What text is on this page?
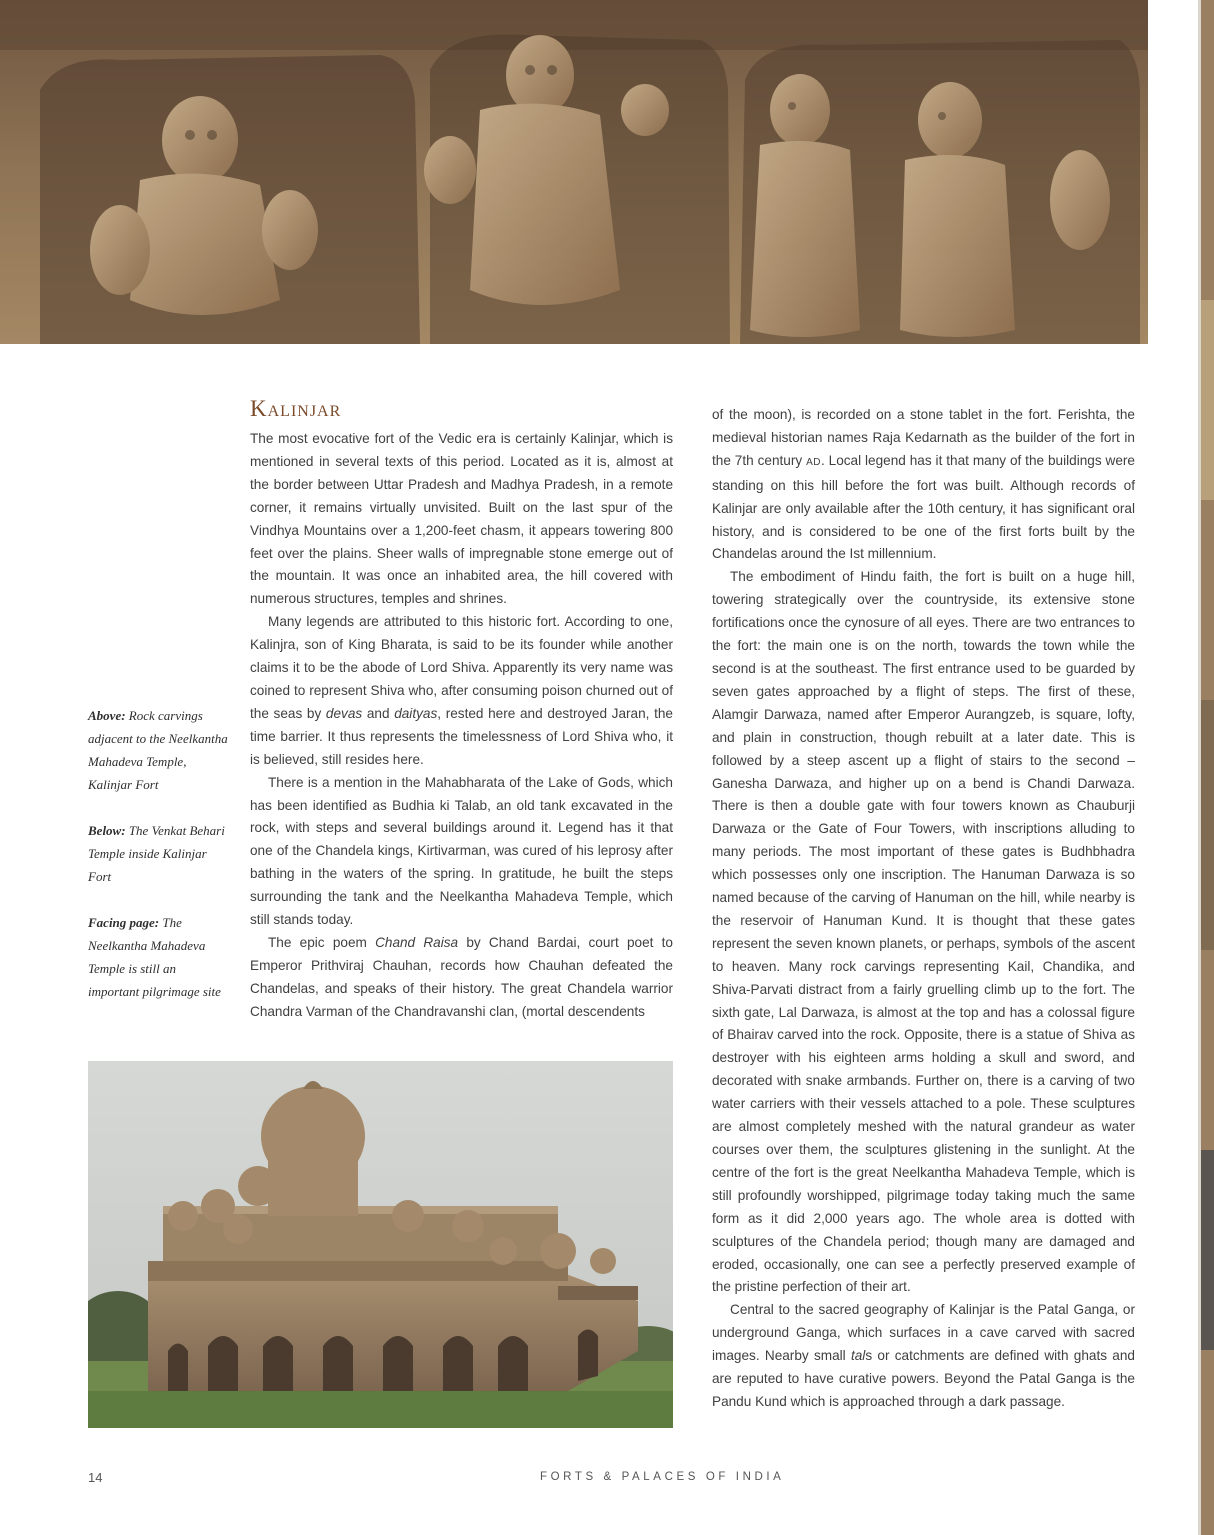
Kalinjar

The most evocative fort of the Vedic era is certainly Kalinjar, which is mentioned in several texts of this period. Located as it is, almost at the border between Uttar Pradesh and Madhya Pradesh, in a remote corner, it remains virtually unvisited. Built on the last spur of the Vindhya Mountains over a 1,200-feet chasm, it appears towering 800 feet over the plains. Sheer walls of impregnable stone emerge out of the mountain. It was once an inhabited area, the hill covered with numerous structures, temples and shrines.

Many legends are attributed to this historic fort. According to one, Kalinjra, son of King Bharata, is said to be its founder while another claims it to be the abode of Lord Shiva. Apparently its very name was coined to represent Shiva who, after consuming poison churned out of the seas by devas and daityas, rested here and destroyed Jaran, the time barrier. It thus represents the timelessness of Lord Shiva who, it is believed, still resides here.

There is a mention in the Mahabharata of the Lake of Gods, which has been identified as Budhia ki Talab, an old tank excavated in the rock, with steps and several buildings around it. Legend has it that one of the Chandela kings, Kirtivarman, was cured of his leprosy after bathing in the waters of the spring. In gratitude, he built the steps surrounding the tank and the Neelkantha Mahadeva Temple, which still stands today.

The epic poem Chand Raisa by Chand Bardai, court poet to Emperor Prithviraj Chauhan, records how Chauhan defeated the Chandelas, and speaks of their history. The great Chandela warrior Chandra Varman of the Chandravanshi clan, (mortal descendents

of the moon), is recorded on a stone tablet in the fort. Ferishta, the medieval historian names Raja Kedarnath as the builder of the fort in the 7th century AD. Local legend has it that many of the buildings were standing on this hill before the fort was built. Although records of Kalinjar are only available after the 10th century, it has significant oral history, and is considered to be one of the first forts built by the Chandelas around the Ist millennium.

The embodiment of Hindu faith, the fort is built on a huge hill, towering strategically over the countryside, its extensive stone fortifications once the cynosure of all eyes. There are two entrances to the fort: the main one is on the north, towards the town while the second is at the southeast. The first entrance used to be guarded by seven gates approached by a flight of steps. The first of these, Alamgir Darwaza, named after Emperor Aurangzeb, is square, lofty, and plain in construction, though rebuilt at a later date. This is followed by a steep ascent up a flight of stairs to the second – Ganesha Darwaza, and higher up on a bend is Chandi Darwaza. There is then a double gate with four towers known as Chauburji Darwaza or the Gate of Four Towers, with inscriptions alluding to many periods. The most important of these gates is Budhbhadra which possesses only one inscription. The Hanuman Darwaza is so named because of the carving of Hanuman on the hill, while nearby is the reservoir of Hanuman Kund. It is thought that these gates represent the seven known planets, or perhaps, symbols of the ascent to heaven. Many rock carvings representing Kail, Chandika, and Shiva-Parvati distract from a fairly gruelling climb up to the fort. The sixth gate, Lal Darwaza, is almost at the top and has a colossal figure of Bhairav carved into the rock. Opposite, there is a statue of Shiva as destroyer with his eighteen arms holding a skull and sword, and decorated with snake armbands. Further on, there is a carving of two water carriers with their vessels attached to a pole. These sculptures are almost completely meshed with the natural grandeur as water courses over them, the sculptures glistening in the sunlight. At the centre of the fort is the great Neelkantha Mahadeva Temple, which is still profoundly worshipped, pilgrimage today taking much the same form as it did 2,000 years ago. The whole area is dotted with sculptures of the Chandela period; though many are damaged and eroded, occasionally, one can see a perfectly preserved example of the pristine perfection of their art.

Central to the sacred geography of Kalinjar is the Patal Ganga, or underground Ganga, which surfaces in a cave carved with sacred images. Nearby small tals or catchments are defined with ghats and are reputed to have curative powers. Beyond the Patal Ganga is the Pandu Kund which is approached through a dark passage.

Above: Rock carvings adjacent to the Neelkantha Mahadeva Temple, Kalinjar Fort

Below: The Venkat Behari Temple inside Kalinjar Fort

Facing page: The Neelkantha Mahadeva Temple is still an important pilgrimage site

14	FORTS & PALACES OF INDIA
